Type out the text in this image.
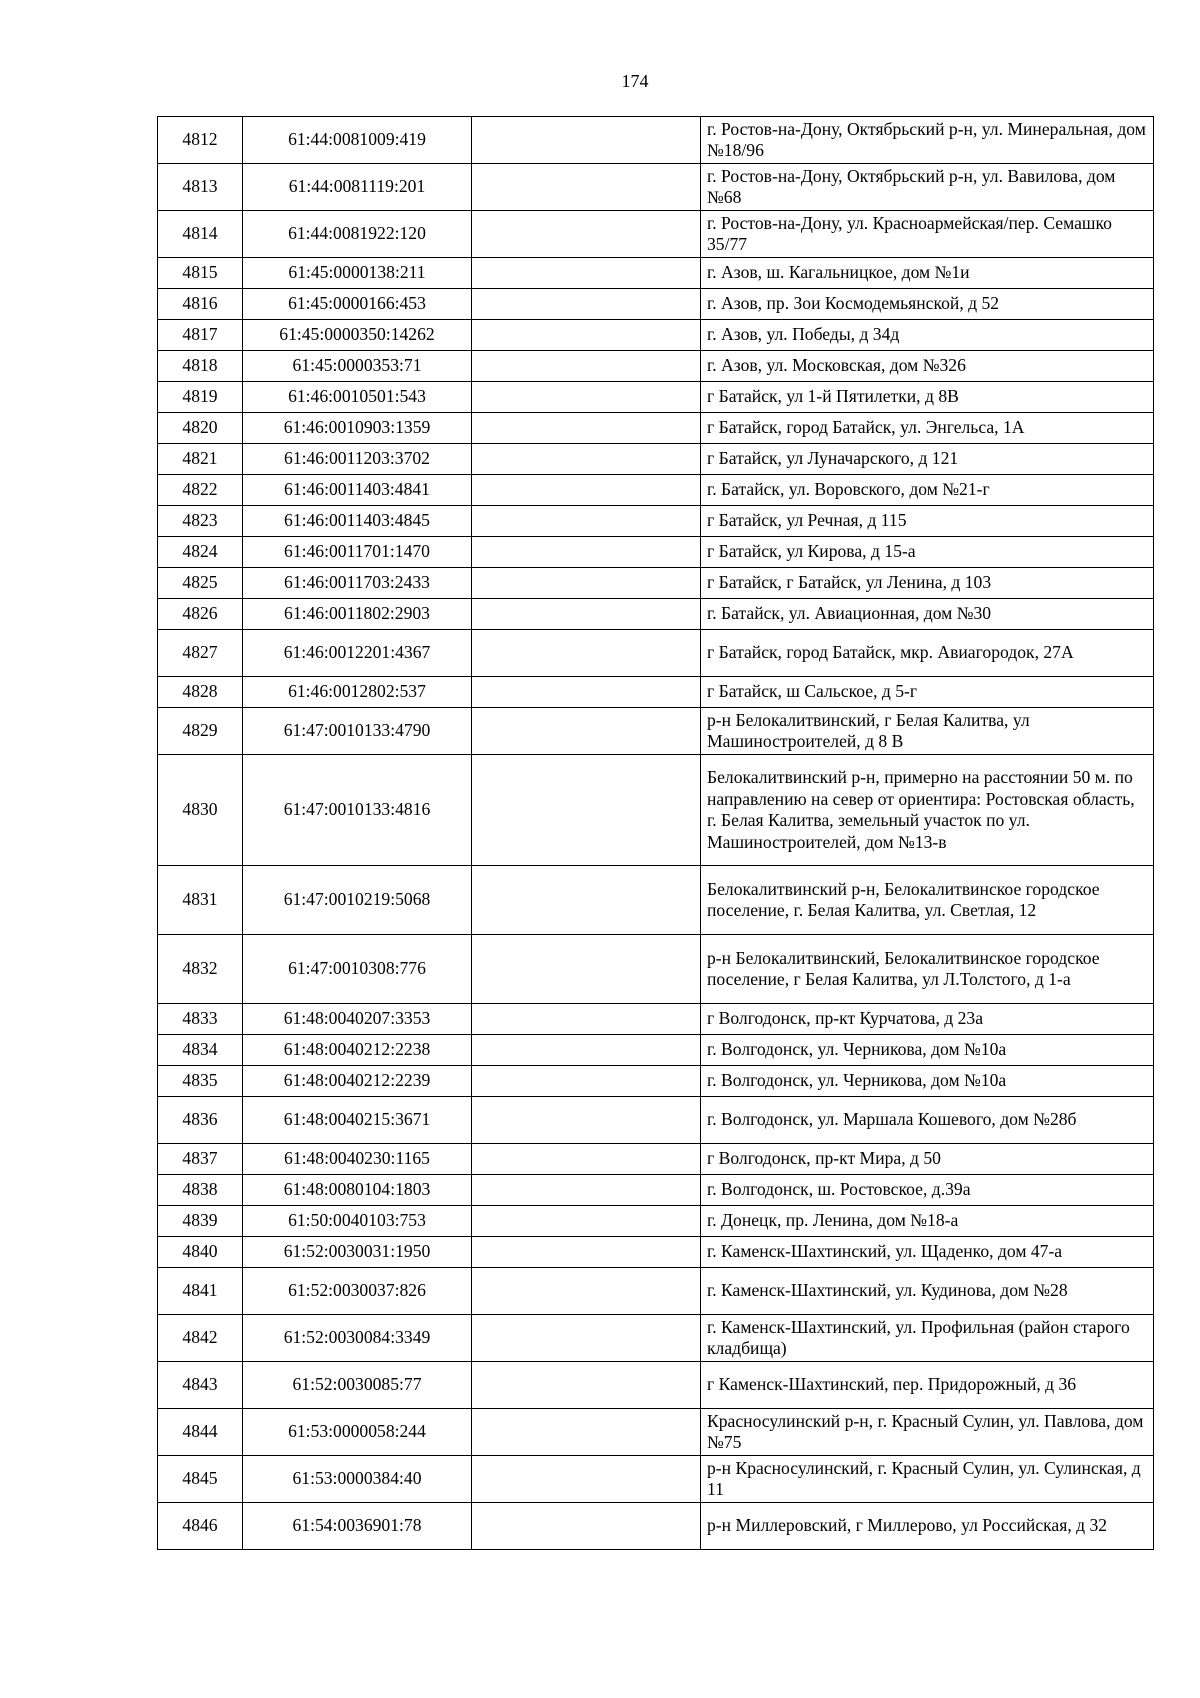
174
4812	61:44:0081009:419		г. Ростов-на-Дону, Октябрьский р-н, ул. Минеральная, дом №18/96
4813	61:44:0081119:201		г. Ростов-на-Дону, Октябрьский р-н, ул. Вавилова, дом №68
4814	61:44:0081922:120		г. Ростов-на-Дону, ул. Красноармейская/пер. Семашко 35/77
4815	61:45:0000138:211		г. Азов, ш. Кагальницкое, дом №1и
4816	61:45:0000166:453		г. Азов, пр. Зои Космодемьянской, д 52
4817	61:45:0000350:14262		г. Азов, ул. Победы, д 34д
4818	61:45:0000353:71		г. Азов, ул. Московская, дом №326
4819	61:46:0010501:543		г Батайск, ул 1-й Пятилетки, д 8В
4820	61:46:0010903:1359		г Батайск, город Батайск, ул. Энгельса, 1А
4821	61:46:0011203:3702		г Батайск, ул Луначарского, д 121
4822	61:46:0011403:4841		г. Батайск, ул. Воровского, дом №21-г
4823	61:46:0011403:4845		г Батайск, ул Речная, д 115
4824	61:46:0011701:1470		г Батайск, ул Кирова, д 15-а
4825	61:46:0011703:2433		г Батайск, г Батайск, ул Ленина, д 103
4826	61:46:0011802:2903		г. Батайск, ул. Авиационная, дом №30
4827	61:46:0012201:4367		г Батайск, город Батайск, мкр. Авиагородок, 27А
4828	61:46:0012802:537		г Батайск, ш Сальское, д 5-г
4829	61:47:0010133:4790		р-н Белокалитвинский, г Белая Калитва, ул Машиностроителей, д 8 В
4830	61:47:0010133:4816		Белокалитвинский р-н, примерно на расстоянии 50 м. по направлению на север от ориентира: Ростовская область, г. Белая Калитва, земельный участок по ул. Машиностроителей, дом №13-в
4831	61:47:0010219:5068		Белокалитвинский р-н, Белокалитвинское городское поселение, г. Белая Калитва, ул. Светлая, 12
4832	61:47:0010308:776		р-н Белокалитвинский, Белокалитвинское городское поселение, г Белая Калитва, ул Л.Толстого, д 1-а
4833	61:48:0040207:3353		г Волгодонск, пр-кт Курчатова, д 23а
4834	61:48:0040212:2238		г. Волгодонск, ул. Черникова, дом №10а
4835	61:48:0040212:2239		г. Волгодонск, ул. Черникова, дом №10а
4836	61:48:0040215:3671		г. Волгодонск, ул. Маршала Кошевого, дом №28б
4837	61:48:0040230:1165		г Волгодонск, пр-кт Мира, д 50
4838	61:48:0080104:1803		г. Волгодонск, ш. Ростовское, д.39а
4839	61:50:0040103:753		г. Донецк, пр. Ленина, дом №18-а
4840	61:52:0030031:1950		г. Каменск-Шахтинский, ул. Щаденко, дом 47-а
4841	61:52:0030037:826		г. Каменск-Шахтинский, ул. Кудинова, дом №28
4842	61:52:0030084:3349		г. Каменск-Шахтинский, ул. Профильная (район старого кладбища)
4843	61:52:0030085:77		г Каменск-Шахтинский, пер. Придорожный, д 36
4844	61:53:0000058:244		Красносулинский р-н, г. Красный Сулин, ул. Павлова, дом №75
4845	61:53:0000384:40		р-н Красносулинский, г. Красный Сулин, ул. Сулинская, д 11
4846	61:54:0036901:78		р-н Миллеровский, г Миллерово, ул Российская, д 32
